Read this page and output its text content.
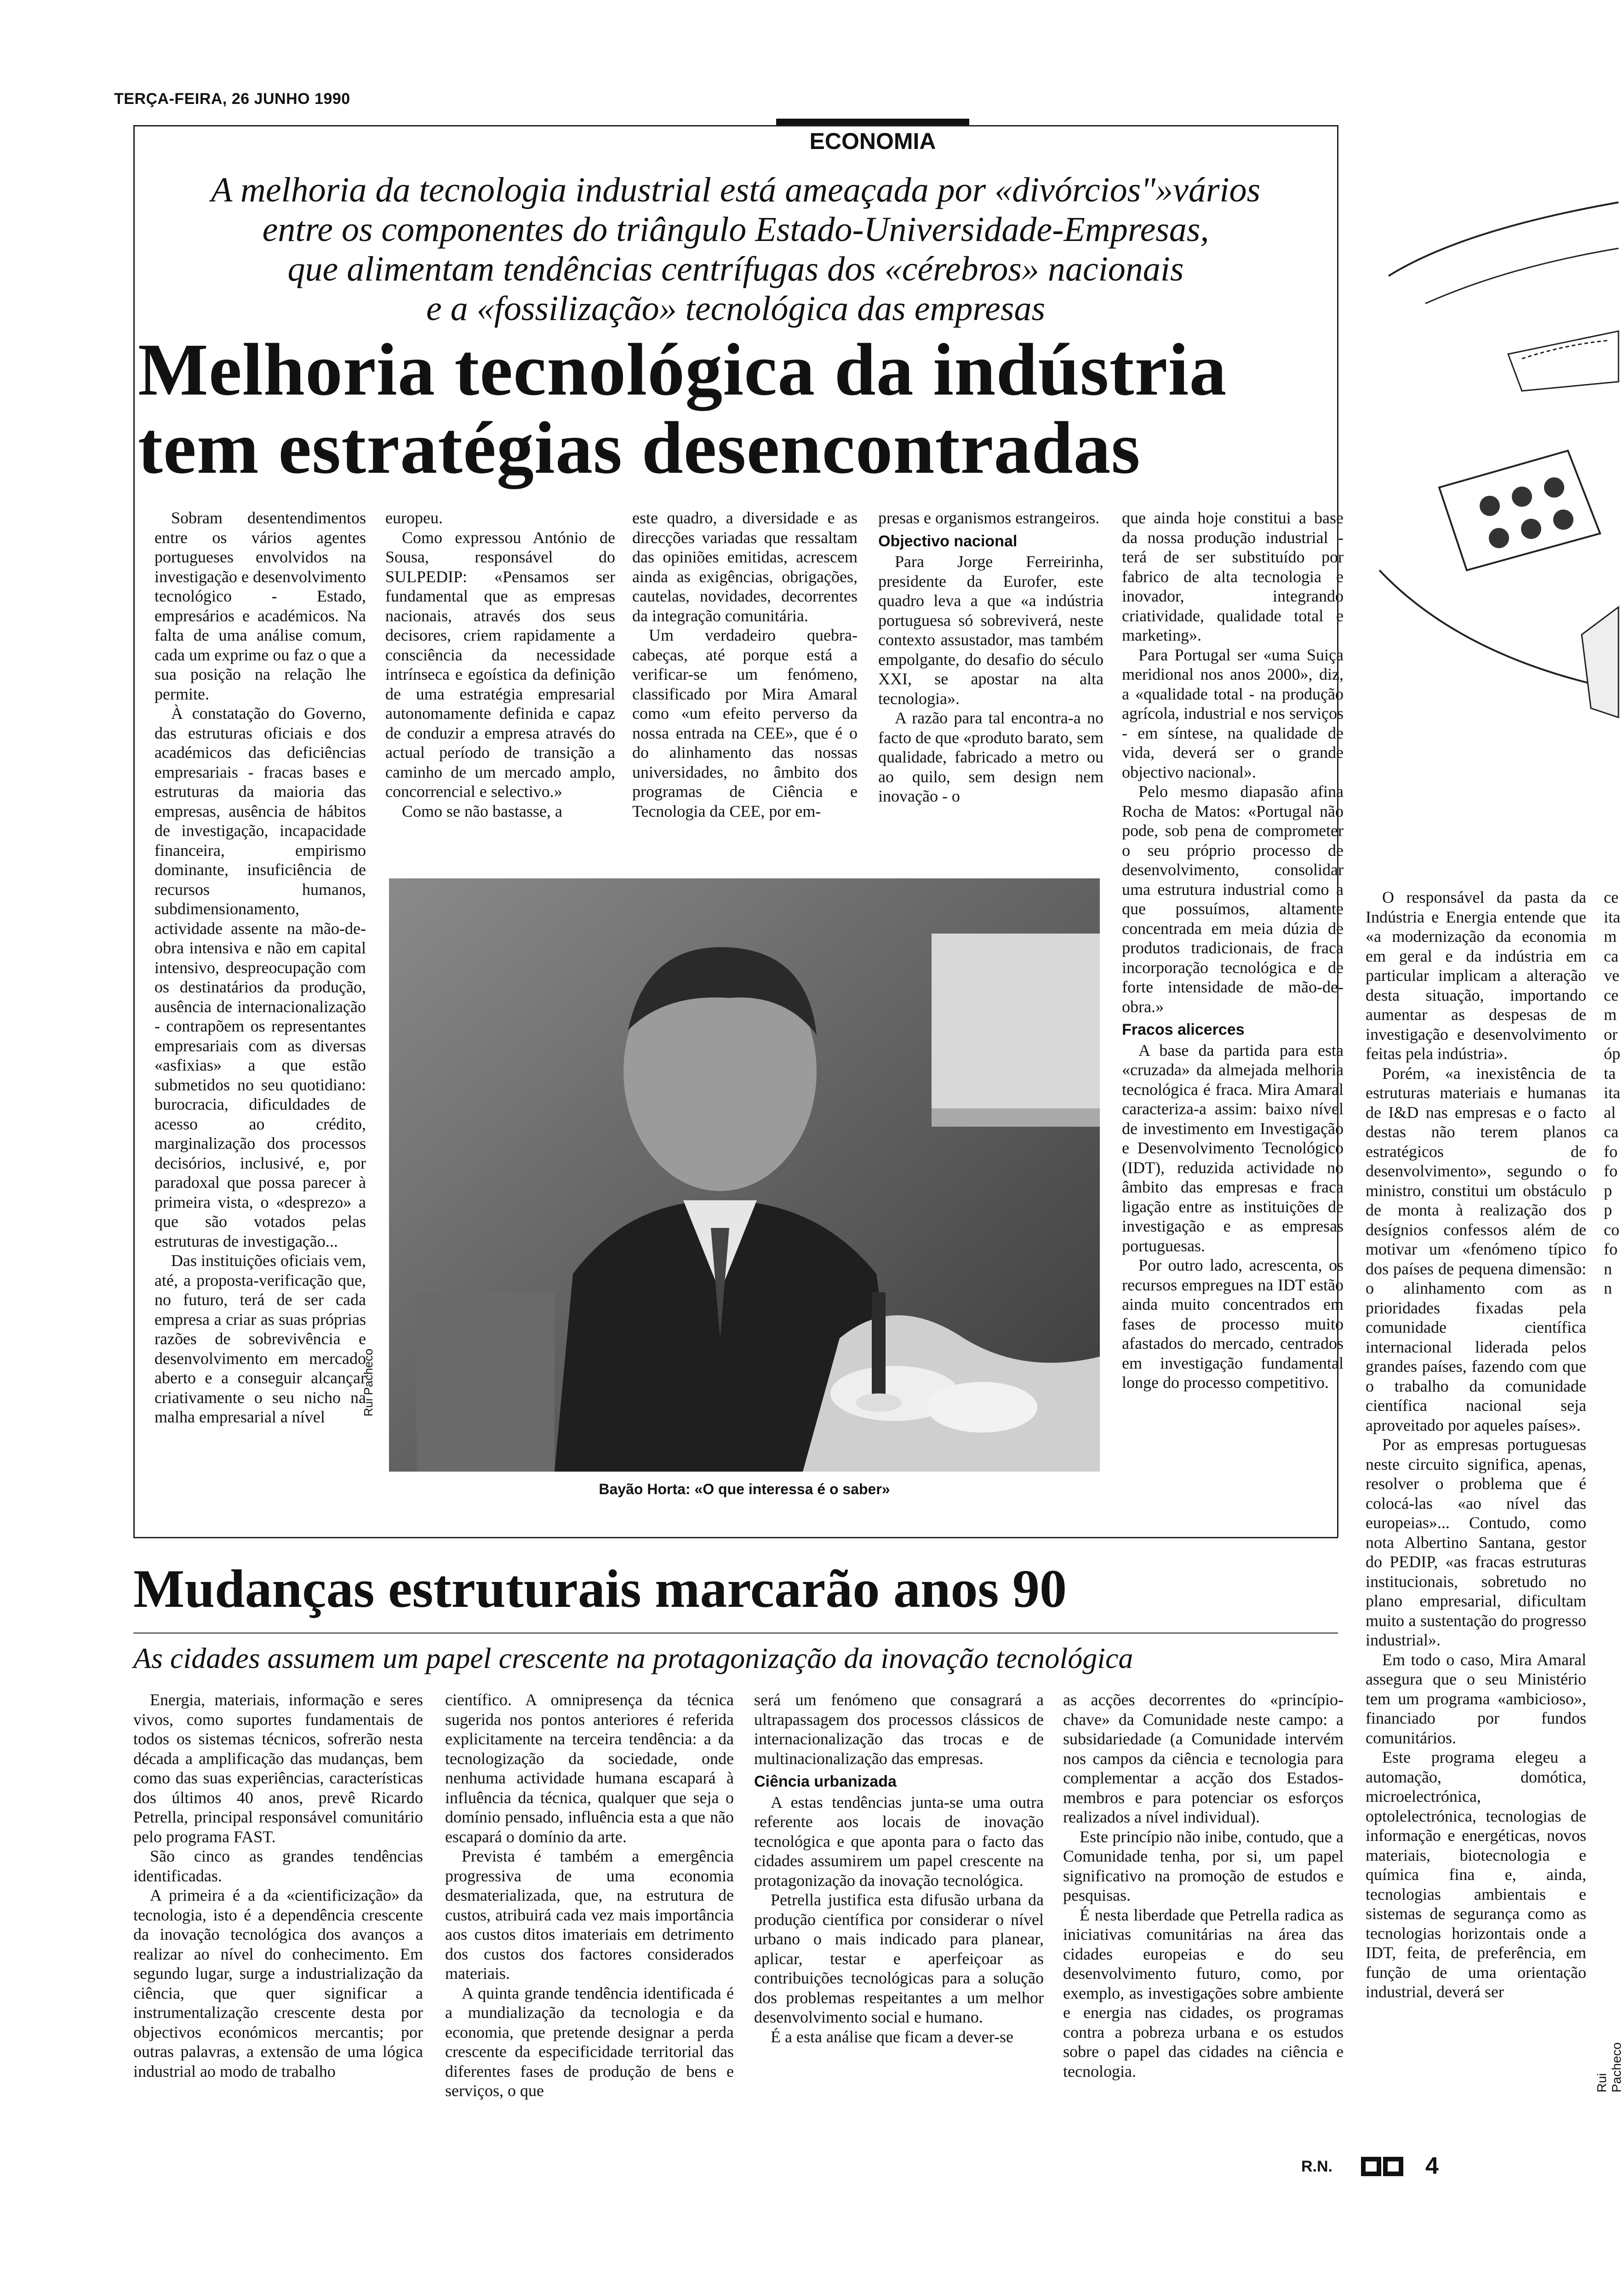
TERÇA-FEIRA, 26 JUNHO 1990
ECONOMIA
A melhoria da tecnologia industrial está ameaçada por «divórcios"»vários
entre os componentes do triângulo Estado-Universidade-Empresas,
que alimentam tendências centrífugas dos «cérebros» nacionais
e a «fossilização» tecnológica das empresas
Melhoria tecnológica da indústria
tem estratégias desencontradas

Sobram desentendimentos entre os vários agentes portugueses envolvidos na investigação e desenvolvimento tecnológico - Estado, empresários e académicos. Na falta de uma análise comum, cada um exprime ou faz o que a sua posição na relação lhe permite.

À constatação do Governo, das estruturas oficiais e dos académicos das deficiências empresariais - fracas bases e estruturas da maioria das empresas, ausência de hábitos de investigação, incapacidade financeira, empirismo dominante, insuficiência de recursos humanos, subdimensionamento, actividade assente na mão-de-obra intensiva e não em capital intensivo, despreocupação com os destinatários da produção, ausência de internacionalização - contrapõem os representantes empresariais com as diversas «asfixias» a que estão submetidos no seu quotidiano: burocracia, dificuldades de acesso ao crédito, marginalização dos processos decisórios, inclusivé, e, por paradoxal que possa parecer à primeira vista, o «desprezo» a que são votados pelas estruturas de investigação...

Das instituições oficiais vem, até, a proposta-verificação que, no futuro, terá de ser cada empresa a criar as suas próprias razões de sobrevivência e desenvolvimento em mercado aberto e a conseguir alcançar criativamente o seu nicho na malha empresarial a nível

europeu.

Como expressou António de Sousa, responsável do SULPEDIP: «Pensamos ser fundamental que as empresas nacionais, através dos seus decisores, criem rapidamente a consciência da necessidade intrínseca e egoística da definição de uma estratégia empresarial autonomamente definida e capaz de conduzir a empresa através do actual período de transição a caminho de um mercado amplo, concorrencial e selectivo.»

Como se não bastasse, a

este quadro, a diversidade e as direcções variadas que ressaltam das opiniões emitidas, acrescem ainda as exigências, obrigações, cautelas, novidades, decorrentes da integração comunitária.

Um verdadeiro quebra-cabeças, até porque está a verificar-se um fenómeno, classificado por Mira Amaral como «um efeito perverso da nossa entrada na CEE», que é o do alinhamento das nossas universidades, no âmbito dos programas de Ciência e Tecnologia da CEE, por em-

presas e organismos estrangeiros.

Objectivo nacional

Para Jorge Ferreirinha, presidente da Eurofer, este quadro leva a que «a indústria portuguesa só sobreviverá, neste contexto assustador, mas também empolgante, do desafio do século XXI, se apostar na alta tecnologia».

A razão para tal encontra-a no facto de que «produto barato, sem qualidade, fabricado a metro ou ao quilo, sem design nem inovação - o

que ainda hoje constitui a base da nossa produção industrial - terá de ser substituído por fabrico de alta tecnologia e inovador, integrando criatividade, qualidade total e marketing».

Para Portugal ser «uma Suiça meridional nos anos 2000», diz, a «qualidade total - na produção agrícola, industrial e nos serviços - em síntese, na qualidade de vida, deverá ser o grande objectivo nacional».

Pelo mesmo diapasão afina Rocha de Matos: «Portugal não pode, sob pena de comprometer o seu próprio processo de desenvolvimento, consolidar uma estrutura industrial como a que possuímos, altamente concentrada em meia dúzia de produtos tradicionais, de fraca incorporação tecnológica e de forte intensidade de mão-de-obra.»

Fracos alicerces

A base da partida para esta «cruzada» da almejada melhoria tecnológica é fraca. Mira Amaral caracteriza-a assim: baixo nível de investimento em Investigação e Desenvolvimento Tecnológico (IDT), reduzida actividade no âmbito das empresas e fraca ligação entre as instituições de investigação e as empresas portuguesas.

Por outro lado, acrescenta, os recursos empregues na IDT estão ainda muito concentrados em fases de processo muito afastados do mercado, centrados em investigação fundamental longe do processo competitivo.

O responsável da pasta da Indústria e Energia entende que «a modernização da economia em geral e da indústria em particular implicam a alteração desta situação, importando aumentar as despesas de investigação e desenvolvimento feitas pela indústria».

Porém, «a inexistência de estruturas materiais e humanas de I&D nas empresas e o facto destas não terem planos estratégicos de desenvolvimento», segundo o ministro, constitui um obstáculo de monta à realização dos desígnios confessos além de motivar um «fenómeno típico dos países de pequena dimensão: o alinhamento com as prioridades fixadas pela comunidade científica internacional liderada pelos grandes países, fazendo com que o trabalho da comunidade científica nacional seja aproveitado por aqueles países».

Por as empresas portuguesas neste circuito significa, apenas, resolver o problema que é colocá-las «ao nível das europeias»... Contudo, como nota Albertino Santana, gestor do PEDIP, «as fracas estruturas institucionais, sobretudo no plano empresarial, dificultam muito a sustentação do progresso industrial».

Em todo o caso, Mira Amaral assegura que o seu Ministério tem um programa «ambicioso», financiado por fundos comunitários.

Este programa elegeu a automação, domótica, microelectrónica, optolelectrónica, tecnologias de informação e energéticas, novos materiais, biotecnologia e química fina e, ainda, tecnologias ambientais e sistemas de segurança como as tecnologias horizontais onde a IDT, feita, de preferência, em função de uma orientação industrial, deverá ser

ce
ita
m
ca
ve
ce
m
or
óp
ta
ita
al
ca
fo
fo
p
p
co
fo
n
n
Rui Pacheco
Bayão Horta: «O que interessa é o saber»
Mudanças estruturais marcarão anos 90
As cidades assumem um papel crescente na protagonização da inovação tecnológica

Energia, materiais, informação e seres vivos, como suportes fundamentais de todos os sistemas técnicos, sofrerão nesta década a amplificação das mudanças, bem como das suas experiências, características dos últimos 40 anos, prevê Ricardo Petrella, principal responsável comunitário pelo programa FAST.

São cinco as grandes tendências identificadas.

A primeira é a da «cientificização» da tecnologia, isto é a dependência crescente da inovação tecnológica dos avanços a realizar ao nível do conhecimento. Em segundo lugar, surge a industrialização da ciência, que quer significar a instrumentalização crescente desta por objectivos económicos mercantis; por outras palavras, a extensão de uma lógica industrial ao modo de trabalho

científico. A omnipresença da técnica sugerida nos pontos anteriores é referida explicitamente na terceira tendência: a da tecnologização da sociedade, onde nenhuma actividade humana escapará à influência da técnica, qualquer que seja o domínio pensado, influência esta a que não escapará o domínio da arte.

Prevista é também a emergência progressiva de uma economia desmaterializada, que, na estrutura de custos, atribuirá cada vez mais importância aos custos ditos imateriais em detrimento dos custos dos factores considerados materiais.

A quinta grande tendência identificada é a mundialização da tecnologia e da economia, que pretende designar a perda crescente da especificidade territorial das diferentes fases de produção de bens e serviços, o que

será um fenómeno que consagrará a ultrapassagem dos processos clássicos de internacionalização das trocas e de multinacionalização das empresas.

Ciência urbanizada

A estas tendências junta-se uma outra referente aos locais de inovação tecnológica e que aponta para o facto das cidades assumirem um papel crescente na protagonização da inovação tecnológica.

Petrella justifica esta difusão urbana da produção científica por considerar o nível urbano o mais indicado para planear, aplicar, testar e aperfeiçoar as contribuições tecnológicas para a solução dos problemas respeitantes a um melhor desenvolvimento social e humano.

É a esta análise que ficam a dever-se

as acções decorrentes do «princípio-chave» da Comunidade neste campo: a subsidariedade (a Comunidade intervém nos campos da ciência e tecnologia para complementar a acção dos Estados-membros e para potenciar os esforços realizados a nível individual).

Este princípio não inibe, contudo, que a Comunidade tenha, por si, um papel significativo na promoção de estudos e pesquisas.

É nesta liberdade que Petrella radica as iniciativas comunitárias na área das cidades europeias e do seu desenvolvimento futuro, como, por exemplo, as investigações sobre ambiente e energia nas cidades, os programas contra a pobreza urbana e os estudos sobre o papel das cidades na ciência e tecnologia.

R.N.
Rui Pacheco
4
